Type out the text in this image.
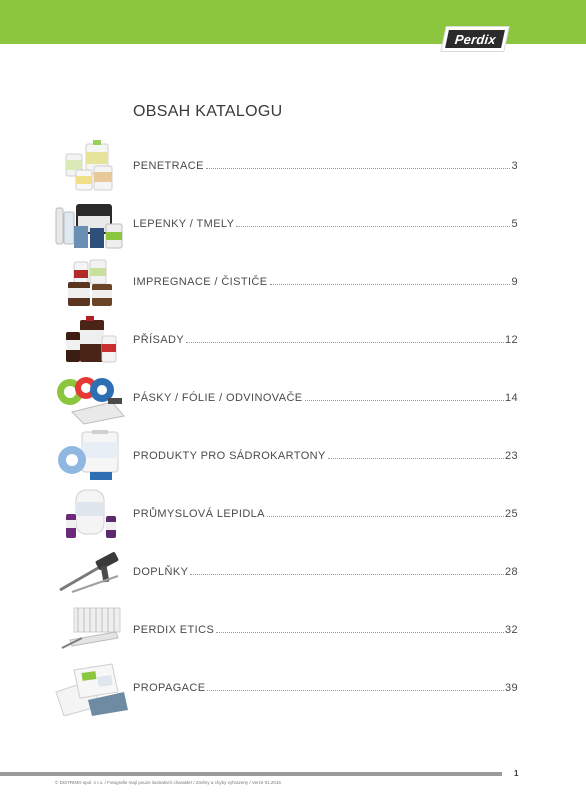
Perdix
OBSAH KATALOGU
PENETRACE	3
LEPENKY / TMELY	5
IMPREGNACE / ČISTIČE	9
PŘÍSADY	12
PÁSKY / FÓLIE / ODVINOVAČE	14
PRODUKTY PRO SÁDROKARTONY	23
PRŮMYSLOVÁ LEPIDLA	25
DOPLŇKY	28
PERDIX ETICS	32
PROPAGACE	39
1
© DISTRIMO spol. s r.o. / Fotografie mají pouze ilustrativní charakter / Změny a chyby vyhrazeny / Verze 01.2016
